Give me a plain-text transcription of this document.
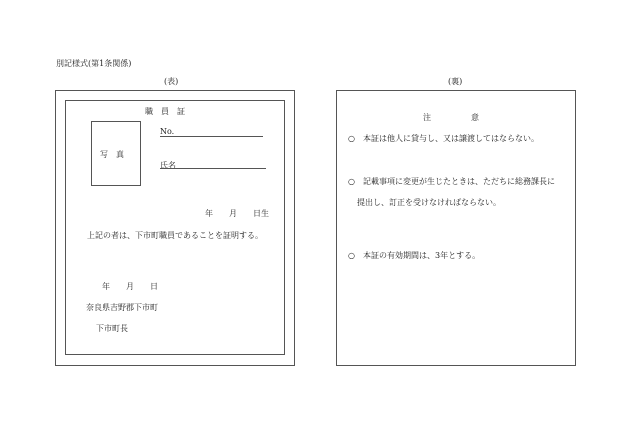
別記様式(第1条関係)
(表)
職　員　証
写　真
No.
氏名
年　　月　　日生
上記の者は、下市町職員であることを証明する。
年　　月　　日
奈良県吉野郡下市町
下市町長
(裏)
注　　　　　意
○　本証は他人に貸与し、又は譲渡してはならない。
○　記載事項に変更が生じたときは、ただちに総務課長に
提出し、訂正を受けなければならない。
○　本証の有効期間は、3年とする。
